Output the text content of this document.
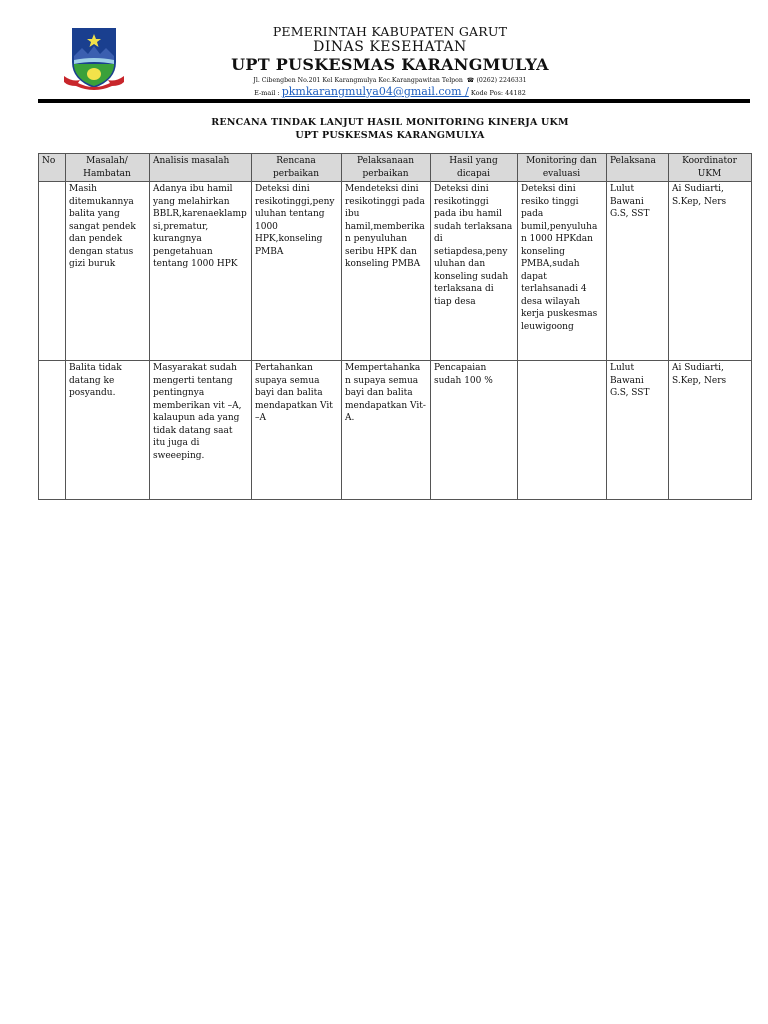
PEMERINTAH KABUPATEN GARUT
DINAS KESEHATAN
UPT PUSKESMAS KARANGMULYA
Jl. Cibengben No.201 Kel Karangmulya Kec.Karangpawitan Telpon  ☎ (0262) 2246331
E-mail : pkmkarangmulya04@gmail.com / Kode Pos: 44182
RENCANA TINDAK LANJUT HASIL MONITORING KINERJA UKM
UPT PUSKESMAS KARANGMULYA
No	Masalah/ Hambatan	Analisis masalah	Rencana perbaikan	Pelaksanaan perbaikan	Hasil yang dicapai	Monitoring dan evaluasi	Pelaksana	Koordinator UKM
	Masih ditemukannya balita yang sangat pendek dan pendek dengan status gizi buruk	Adanya ibu hamil yang melahirkan BBLR,karenaeklampsi,prematur, kurangnya pengetahuan tentang 1000 HPK	Deteksi dini resikotinggi,penyuluhan tentang 1000 HPK,konseling PMBA	Mendeteksi dini resikotinggi pada ibu hamil,memberikan penyuluhan seribu HPK dan konseling PMBA	Deteksi dini resikotinggi pada ibu hamil sudah terlaksana di setiapdesa,penyuluhan dan konseling sudah terlaksana di tiap desa	Deteksi dini resiko tinggi pada bumil,penyuluhan 1000 HPKdan konseling PMBA,sudah dapat terlahsanadi 4 desa wilayah kerja puskesmas leuwigoong	Lulut Bawani G.S, SST	Ai Sudiarti, S.Kep, Ners
	Balita tidak datang ke posyandu.	Masyarakat sudah mengerti tentang pentingnya memberikan vit –A, kalaupun ada yang tidak datang saat itu juga di sweeeping.	Pertahankan supaya semua bayi dan balita mendapatkan Vit –A	Mempertahankan supaya semua bayi dan balita mendapatkan Vit-A.	Pencapaian sudah 100 %		Lulut Bawani G.S, SST	Ai Sudiarti, S.Kep, Ners
